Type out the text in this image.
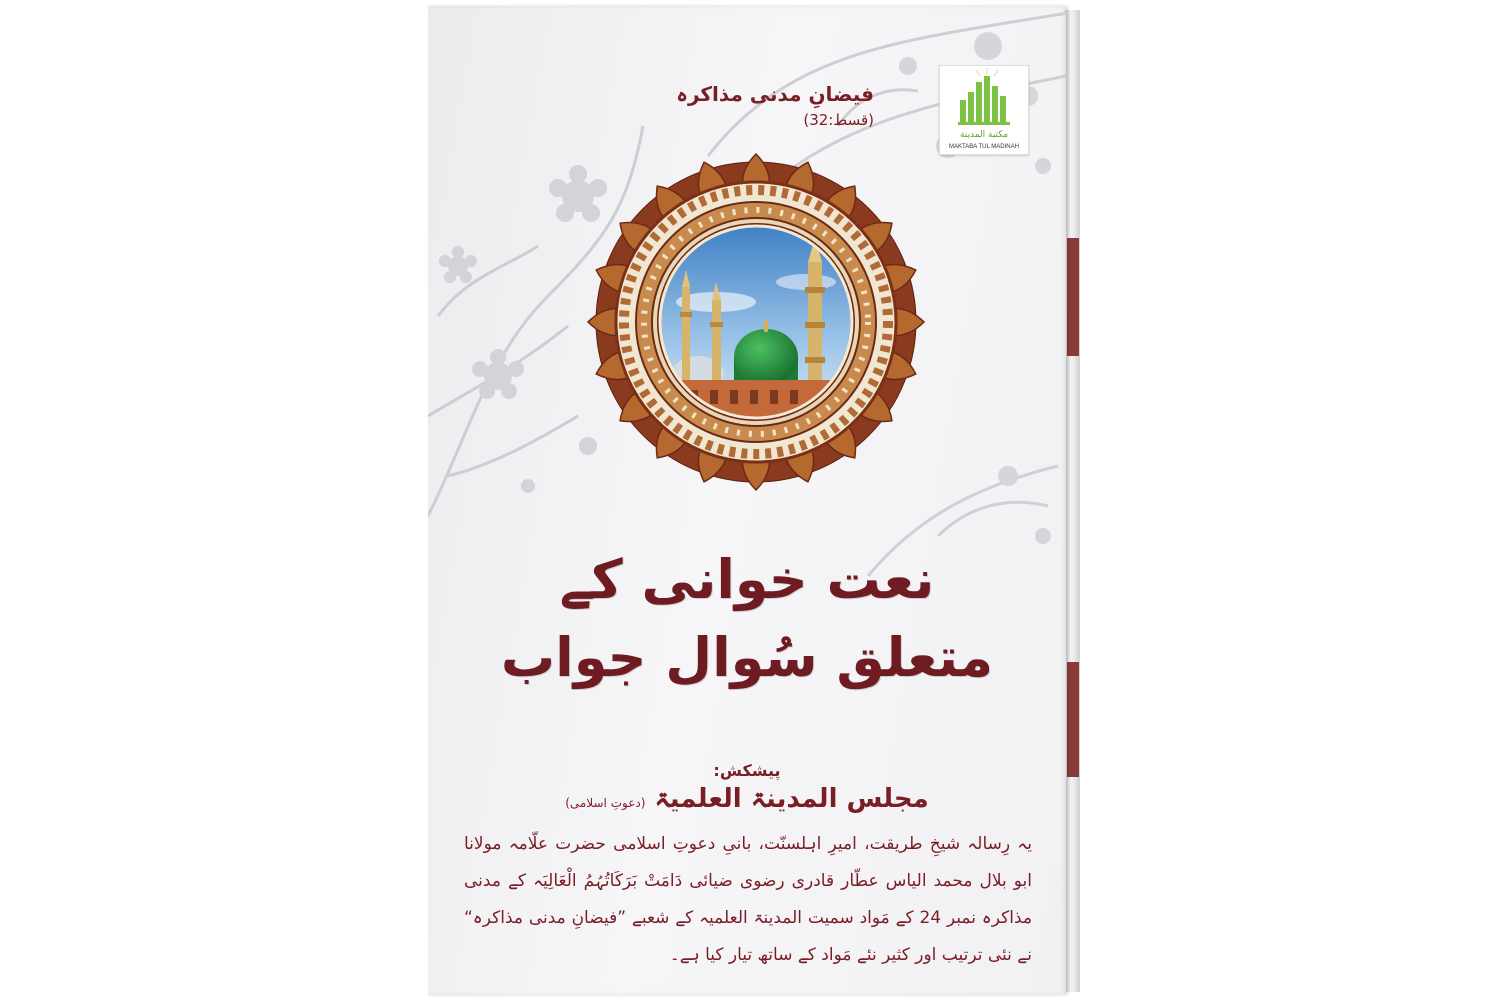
فیضانِ مدنی مذاکرہ (قسط:32)
مكتبة المدينة
MAKTABA TUL MADINAH
نعت خوانی کے
متعلق سُوال جواب
پیشکش:
مجلس المدینۃ العلمیۃ (دعوتِ اسلامی)
یہ رِسالہ شیخِ طریقت، امیرِ اہلسنّت، بانیِ دعوتِ اسلامی حضرت علّامہ مولانا ابو بلال محمد الیاس عطّار قادری رضوی ضیائی دَامَتْ بَرَکَاتُہُمُ الْعَالِیَہ کے مدنی مذاکرہ نمبر 24 کے مَواد سمیت المدینۃ العلمیہ کے شعبے ”فیضانِ مدنی مذاکرہ“ نے نئی ترتیب اور کثیر نئے مَواد کے ساتھ تیار کیا ہے۔
